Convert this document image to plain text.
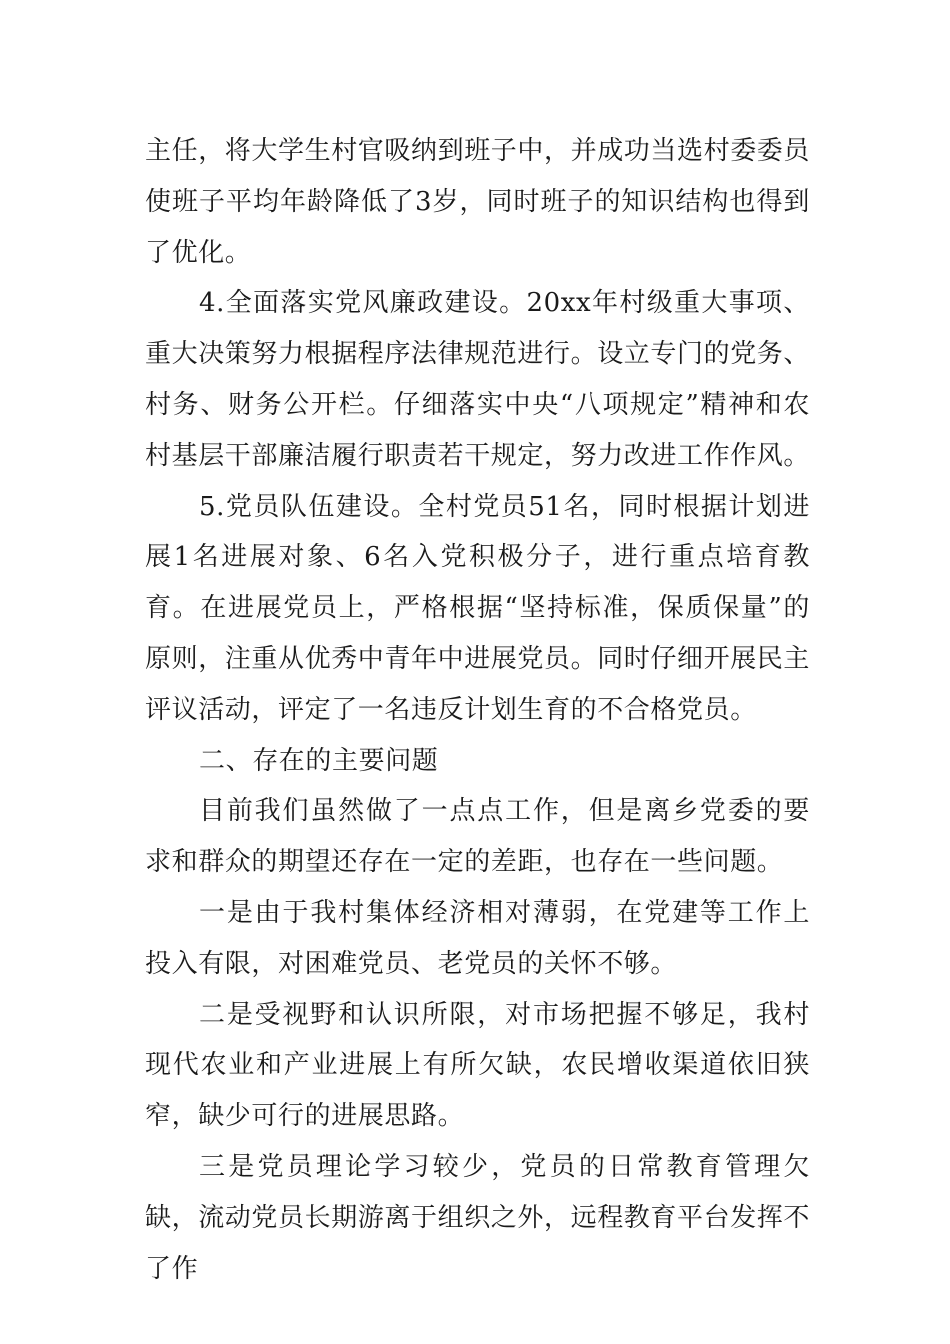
主任，将大学生村官吸纳到班子中，并成功当选村委委员使班子平均年龄降低了3岁，同时班子的知识结构也得到了优化。

4.全面落实党风廉政建设。20xx年村级重大事项、重大决策努力根据程序法律规范进行。设立专门的党务、村务、财务公开栏。仔细落实中央“八项规定”精神和农村基层干部廉洁履行职责若干规定，努力改进工作作风。

5.党员队伍建设。全村党员51名，同时根据计划进展1名进展对象、6名入党积极分子，进行重点培育教育。在进展党员上，严格根据“坚持标准，保质保量”的原则，注重从优秀中青年中进展党员。同时仔细开展民主评议活动，评定了一名违反计划生育的不合格党员。

二、存在的主要问题

目前我们虽然做了一点点工作，但是离乡党委的要求和群众的期望还存在一定的差距，也存在一些问题。

一是由于我村集体经济相对薄弱，在党建等工作上投入有限，对困难党员、老党员的关怀不够。

二是受视野和认识所限，对市场把握不够足，我村现代农业和产业进展上有所欠缺，农民增收渠道依旧狭窄，缺少可行的进展思路。

三是党员理论学习较少，党员的日常教育管理欠缺，流动党员长期游离于组织之外，远程教育平台发挥不了作
